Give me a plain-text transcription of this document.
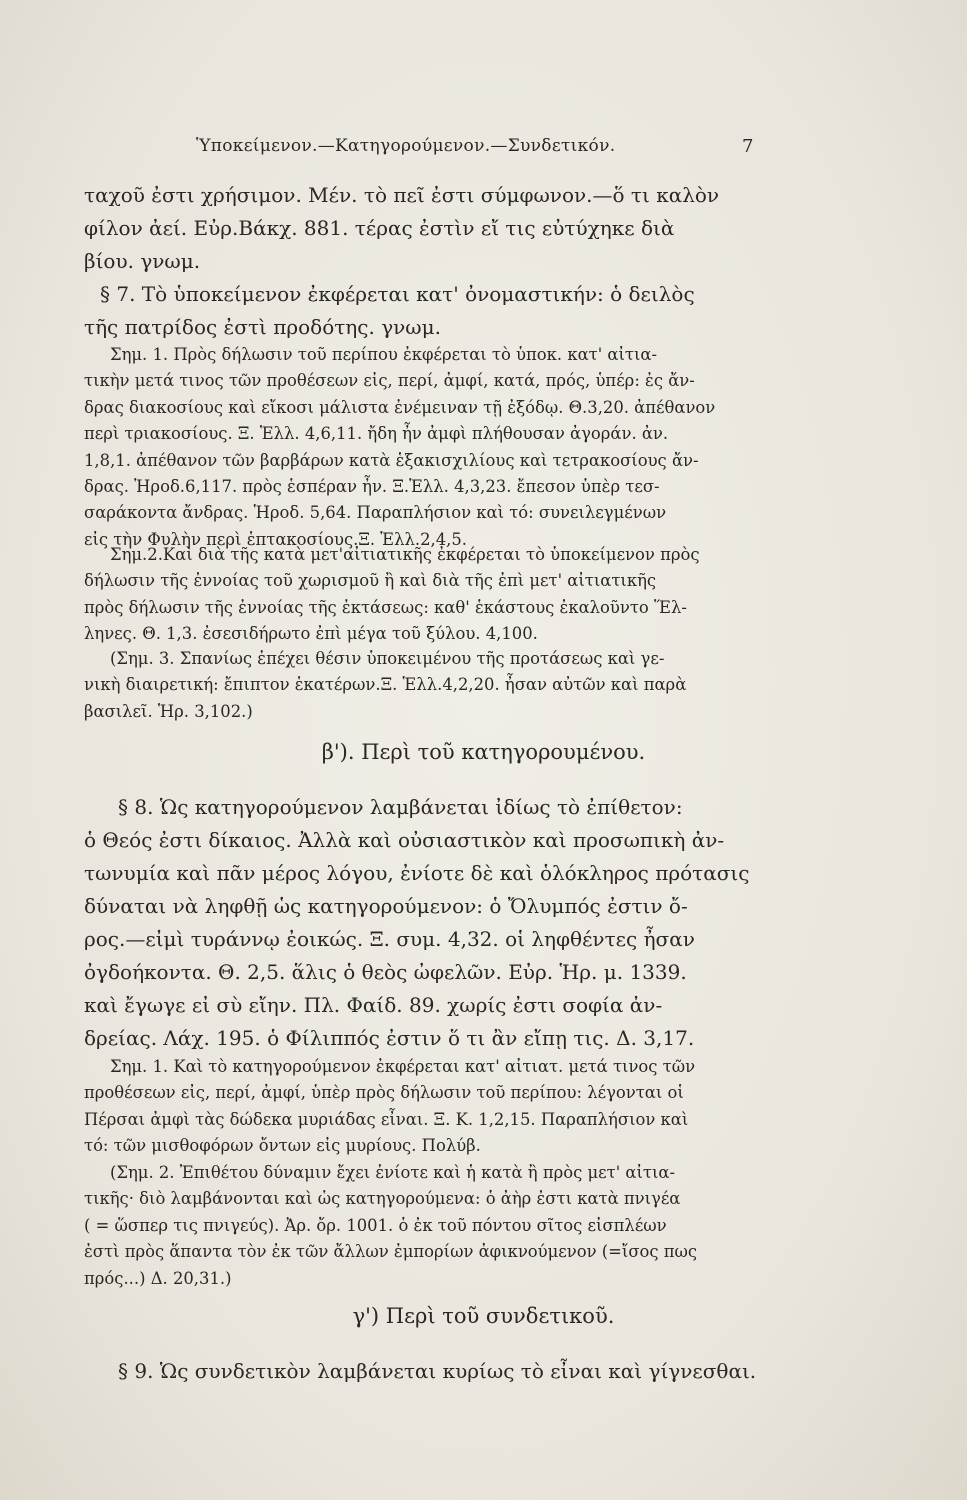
Ὑποκείμενον.—Κατηγορούμενον.—Συνδετικόν.	7
ταχοῦ ἐστι χρήσιμον. Μέν. τὸ πεῖ ἐστι σύμφωνον.—ὅ τι καλὸν
φίλον ἀεί. Εὐρ.Βάκχ. 881. τέρας ἐστὶν εἴ τις εὐτύχηκε διὰ
βίου. γνωμ.
§ 7. Τὸ ὑποκείμενον ἐκφέρεται κατ' ὀνομαστικήν: ὁ δειλὸς
τῆς πατρίδος ἐστὶ προδότης. γνωμ.
Σημ. 1. Πρὸς δήλωσιν τοῦ περίπου ἐκφέρεται τὸ ὑποκ. κατ' αἰτια-
τικὴν μετά τινος τῶν προθέσεων εἰς, περί, ἀμφί, κατά, πρός, ὑπέρ: ἐς ἄν-
δρας διακοσίους καὶ εἴκοσι μάλιστα ἐνέμειναν τῇ ἐξόδῳ. Θ.3,20. ἀπέθανον
περὶ τριακοσίους. Ξ. Ἑλλ. 4,6,11. ἤδη ἦν ἀμφὶ πλήθουσαν ἀγοράν. ἀν.
1,8,1. ἀπέθανον τῶν βαρβάρων κατὰ ἑξακισχιλίους καὶ τετρακοσίους ἄν-
δρας. Ἡροδ.6,117. πρὸς ἑσπέραν ἦν. Ξ.Ἑλλ. 4,3,23. ἔπεσον ὑπὲρ τεσ-
σαράκοντα ἄνδρας. Ἡροδ. 5,64. Παραπλήσιον καὶ τό: συνειλεγμένων
εἰς τὴν Φυλὴν περὶ ἑπτακοσίους.Ξ. Ἑλλ.2,4,5.
Σημ.2.Καὶ διὰ τῆς κατὰ μετ'αἰτιατικῆς ἐκφέρεται τὸ ὑποκείμενον πρὸς
δήλωσιν τῆς ἐννοίας τοῦ χωρισμοῦ ἢ καὶ διὰ τῆς ἐπὶ μετ' αἰτιατικῆς
πρὸς δήλωσιν τῆς ἐννοίας τῆς ἐκτάσεως: καθ' ἑκάστους ἐκαλοῦντο Ἕλ-
ληνες. Θ. 1,3. ἐσεσιδήρωτο ἐπὶ μέγα τοῦ ξύλου. 4,100.
(Σημ. 3. Σπανίως ἐπέχει θέσιν ὑποκειμένου τῆς προτάσεως καὶ γε-
νικὴ διαιρετική: ἔπιπτον ἑκατέρων.Ξ. Ἑλλ.4,2,20. ἦσαν αὐτῶν καὶ παρὰ
βασιλεῖ. Ἡρ. 3,102.)
β'). Περὶ τοῦ κατηγορουμένου.
§ 8. Ὡς κατηγορούμενον λαμβάνεται ἰδίως τὸ ἐπίθετον:
ὁ Θεός ἐστι δίκαιος. Ἀλλὰ καὶ οὐσιαστικὸν καὶ προσωπικὴ ἀν-
τωνυμία καὶ πᾶν μέρος λόγου, ἐνίοτε δὲ καὶ ὁλόκληρος πρότασις
δύναται νὰ ληφθῇ ὡς κατηγορούμενον: ὁ Ὄλυμπός ἐστιν ὄ-
ρος.—εἰμὶ τυράννῳ ἐοικώς. Ξ. συμ. 4,32. οἱ ληφθέντες ἦσαν
ὀγδοήκοντα. Θ. 2,5. ἅλις ὁ θεὸς ὠφελῶν. Εὐρ. Ἡρ. μ. 1339.
καὶ ἔγωγε εἰ σὺ εἴην. Πλ. Φαίδ. 89. χωρίς ἐστι σοφία ἀν-
δρείας. Λάχ. 195. ὁ Φίλιππός ἐστιν ὅ τι ἂν εἴπῃ τις. Δ. 3,17.
Σημ. 1. Καὶ τὸ κατηγορούμενον ἐκφέρεται κατ' αἰτιατ. μετά τινος τῶν
προθέσεων εἰς, περί, ἀμφί, ὑπὲρ πρὸς δήλωσιν τοῦ περίπου: λέγονται οἱ
Πέρσαι ἀμφὶ τὰς δώδεκα μυριάδας εἶναι. Ξ. Κ. 1,2,15. Παραπλήσιον καὶ
τό: τῶν μισθοφόρων ὄντων εἰς μυρίους. Πολύβ.
(Σημ. 2. Ἐπιθέτου δύναμιν ἔχει ἐνίοτε καὶ ἡ κατὰ ἢ πρὸς μετ' αἰτια-
τικῆς· διὸ λαμβάνονται καὶ ὡς κατηγορούμενα: ὁ ἀὴρ ἐστι κατὰ πνιγέα
( = ὥσπερ τις πνιγεύς). Ἀρ. ὄρ. 1001. ὁ ἐκ τοῦ πόντου σῖτος εἰσπλέων
ἐστὶ πρὸς ἅπαντα τὸν ἐκ τῶν ἄλλων ἐμπορίων ἀφικνούμενον (=ἴσος πως
πρός...) Δ. 20,31.)
γ') Περὶ τοῦ συνδετικοῦ.
§ 9. Ὡς συνδετικὸν λαμβάνεται κυρίως τὸ εἶναι καὶ γίγνεσθαι.
